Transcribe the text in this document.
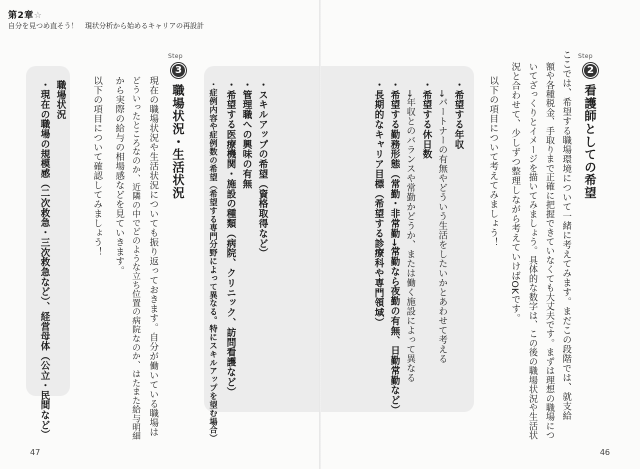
Step
2
看護師としての希望
ここでは、希望する職場環境について一緒に考えてみます。まだこの段階では、就支給
額や各種税金、手取りまで正確に把握できていなくても大丈夫です。まずは理想の職場につ
いてざっくりとイメージを描いてみましょう。具体的な数字は、この後の職場状況や生活状
況と合わせて、少しずつ整理しながら考えていけばOKです。
以下の項目について考えてみましょう！
・希望する年収
　→パートナーの有無やどういう生活をしたいかとあわせて考える
・希望する休日数
　→年収とのバランスや常勤かどうか、または働く施設によって異なる
・希望する勤務形態（常勤・非常勤→常勤なら夜勤の有無、日勤常勤など）
・長期的なキャリア目標（希望する診療科や専門領域）
46
第2章☆
自分を見つめ直そう！　現状分析から始めるキャリアの再設計
・スキルアップの希望（資格取得など）
・管理職への興味の有無
・希望する医療機関・施設の種類（病院、クリニック、訪問看護など）
・症例内容や症例数の希望（希望する専門分野によって異なる。特にスキルアップを望む場合）
Step
3
職場状況・生活状況
現在の職場状況や生活状況についても振り返っておきます。自分が働いている職場は
どういったところなのか、近隣の中でどのような立ち位置の病院なのか、はたまた給与明細
から実際の給与の相場感などを見ていきます。
以下の項目について確認してみましょう！
職場状況
・現在の職場の規模感（二次救急・三次救急など）、経営母体（公立・民間など）
47
